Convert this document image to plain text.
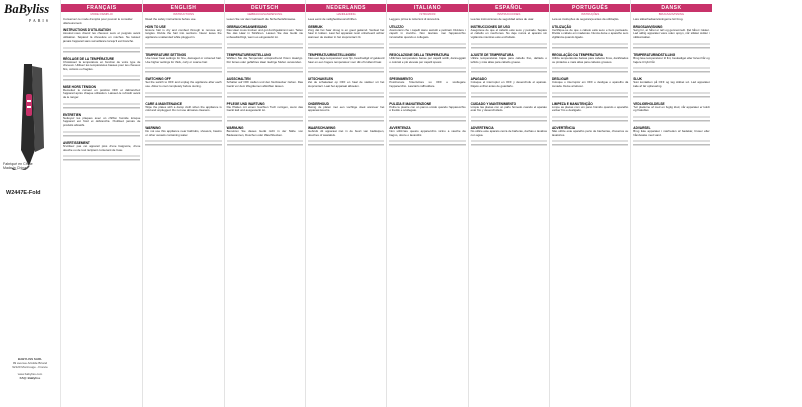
BaByliss
PARIS
Fabriqué en Chine
Made in China
W2447E-Fold
BABYLISS SARL
99 avenue Aristide Briand
92120 Montrouge - France
www.babyliss.com
FAQ: BaByliss
FRANÇAIS
MODE D'EMPLOI
Conservez ce mode d'emploi pour pouvoir le consulter ultérieurement.
INSTRUCTIONS D'UTILISATION
Assurez-vous d'avoir les cheveux secs et peignés avant utilisation. Séparez la chevelure en mèches. Ne laissez jamais l'appareil sans surveillance lorsqu'il est branché.
RÉGLAGE DE LA TEMPÉRATURE
Choisissez la température en fonction de votre type de cheveux. Utilisez les températures basses pour les cheveux fins, colorés ou fragiles.
MISE HORS TENSION
Remettez le curseur en position OFF et débranchez l'appareil après chaque utilisation. Laissez-le refroidir avant de le ranger.
ENTRETIEN
Nettoyez les plaques avec un chiffon humide lorsque l'appareil est froid et débranché. N'utilisez jamais de produits abrasifs.
AVERTISSEMENT
N'utilisez pas cet appareil près d'une baignoire, d'une douche ou de tout récipient contenant de l'eau.
ENGLISH
INSTRUCTIONS
Read the safety instructions before use.
HOW TO USE
Ensure hair is dry and combed through to remove any tangles. Divide the hair into sections. Never leave the appliance unattended while plugged in.
TEMPERATURE SETTINGS
Use lower heat settings for fine, damaged or coloured hair. Use higher settings for thick, curly or coarse hair.
SWITCHING OFF
Set the switch to OFF and unplug the appliance after each use. Allow to cool completely before storing.
CARE & MAINTENANCE
Wipe the plates with a damp cloth when the appliance is cold and unplugged. Do not use abrasive cleaners.
WARNING
Do not use this appliance near bathtubs, showers, basins or other vessels containing water.
DEUTSCH
GEBRAUCHSANWEISUNG
Lesen Sie vor dem Gebrauch die Sicherheitshinweise.
GEBRAUCHSANWEISUNG
Das Haar muss trocken und gut durchgekämmt sein. Teilen Sie das Haar in Strähnen. Lassen Sie das Gerät nie unbeaufsichtigt, wenn es eingesteckt ist.
TEMPERATUREINSTELLUNG
Wählen Sie die Temperatur entsprechend Ihrem Haartyp. Für feines oder gefärbtes Haar niedrige Stufen verwenden.
AUSSCHALTEN
Schalter auf OFF stellen und den Netzstecker ziehen. Das Gerät vor dem Wegräumen abkühlen lassen.
PFLEGE UND WARTUNG
Die Platten mit einem feuchten Tuch reinigen, wenn das Gerät kalt und ausgesteckt ist.
WARNUNG
Benutzen Sie dieses Gerät nicht in der Nähe von Badewannen, Duschen oder Waschbecken.
NEDERLANDS
HANDLEIDING
Lees eerst de veiligheidsvoorschriften.
GEBRUIK
Zorg dat het haar droog is en goed gekamd. Verdeel het haar in lokken. Laat het apparaat nooit onbeheerd achter wanneer de stekker in het stopcontact zit.
TEMPERATUURINSTELLINGEN
Kies een lage temperatuur voor fijn, beschadigd of gekleurd haar en een hogere temperatuur voor dik of krullend haar.
UITSCHAKELEN
Zet de schakelaar op OFF en haal de stekker uit het stopcontact. Laat het apparaat afkoelen.
ONDERHOUD
Reinig de platen met een vochtige doek wanneer het apparaat koud is.
WAARSCHUWING
Gebruik dit apparaat niet in de buurt van badkuipen, douches of wastafels.
ITALIANO
ISTRUZIONI
Leggere prima le istruzioni di sicurezza.
UTILIZZO
Assicurarsi che i capelli siano asciutti e pettinati. Dividere i capelli in ciocche. Non lasciare mai l'apparecchio incustodito quando è collegato.
REGOLAZIONE DELLA TEMPERATURA
Utilizzare temperature basse per capelli sottili, danneggiati o colorati e più elevate per capelli spessi.
SPEGNIMENTO
Posizionare l'interruttore su OFF e scollegare l'apparecchio. Lasciarlo raffreddare.
PULIZIA E MANUTENZIONE
Pulire le piastre con un panno umido quando l'apparecchio è freddo e scollegato.
AVVERTENZA
Non utilizzare questo apparecchio vicino a vasche da bagno, docce o lavandini.
ESPAÑOL
INSTRUCCIONES
Lea las instrucciones de seguridad antes de usar.
INSTRUCCIONES DE USO
Asegúrese de que el cabello esté seco y peinado. Separe el cabello en mechones. No deje nunca el aparato sin vigilancia mientras esté enchufado.
AJUSTE DE TEMPERATURA
Utilice temperaturas bajas para cabello fino, dañado o teñido y más altas para cabello grueso.
APAGADO
Coloque el interruptor en OFF y desenchufe el aparato. Déjelo enfriar antes de guardarlo.
CUIDADO Y MANTENIMIENTO
Limpie las placas con un paño húmedo cuando el aparato esté frío y desenchufado.
ADVERTENCIA
No utilice este aparato cerca de bañeras, duchas o lavabos con agua.
PORTUGUÊS
INSTRUÇÕES
Leia as instruções de segurança antes da utilização.
UTILIZAÇÃO
Certifique-se de que o cabelo está seco e bem penteado. Divida o cabelo em madeixas. Nunca deixe o aparelho sem vigilância quando ligado.
REGULAÇÃO DA TEMPERATURA
Utilize temperaturas baixas para cabelos finos, danificados ou pintados e mais altas para cabelos grossos.
DESLIGAR
Coloque o interruptor em OFF e desligue o aparelho da tomada. Deixe arrefecer.
LIMPEZA E MANUTENÇÃO
Limpe as placas com um pano húmido quando o aparelho estiver frio e desligado.
ADVERTÊNCIA
Não utilize este aparelho perto de banheiras, chuveiros ou lavatórios.
DANSK
BRUGSANVISNING
Læs sikkerhedsanvisningerne før brug.
BRUGSANVISNING
Sørg for, at håret er tørt og gennemredt. Del håret i lokker. Lad aldrig apparatet være uden opsyn, når stikket sidder i stikkontakten.
TEMPERATURINDSTILLING
Brug lave temperaturer til fint, beskadiget eller farvet hår og højere til tykt hår.
SLUK
Sæt kontakten på OFF og tag stikket ud. Lad apparatet køle af før opbevaring.
VEDLIGEHOLDELSE
Tør pladerne af med en fugtig klud, når apparatet er koldt og frakoblet.
ADVARSEL
Brug ikke apparatet i nærheden af badekar, bruser eller håndvaske med vand.
